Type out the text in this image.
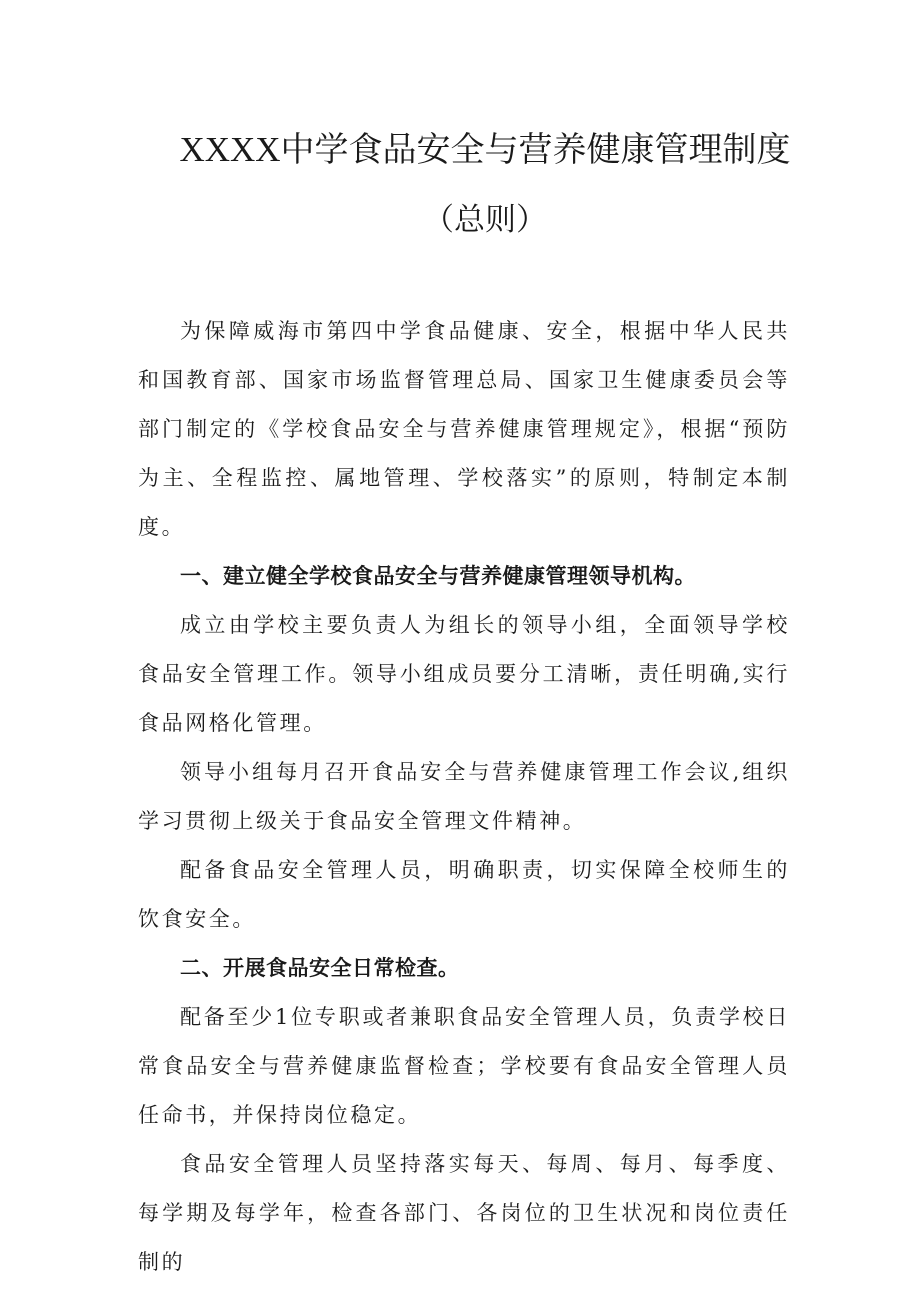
XXXX中学食品安全与营养健康管理制度
（总则）

为保障威海市第四中学食品健康、安全，根据中华人民共和国教育部、国家市场监督管理总局、国家卫生健康委员会等部门制定的《学校食品安全与营养健康管理规定》，根据“预防为主、全程监控、属地管理、学校落实”的原则，特制定本制度。

一、建立健全学校食品安全与营养健康管理领导机构。

成立由学校主要负责人为组长的领导小组，全面领导学校食品安全管理工作。领导小组成员要分工清晰，责任明确,实行食品网格化管理。

领导小组每月召开食品安全与营养健康管理工作会议,组织学习贯彻上级关于食品安全管理文件精神。

配备食品安全管理人员，明确职责，切实保障全校师生的饮食安全。

二、开展食品安全日常检查。

配备至少1位专职或者兼职食品安全管理人员，负责学校日常食品安全与营养健康监督检查；学校要有食品安全管理人员任命书，并保持岗位稳定。

食品安全管理人员坚持落实每天、每周、每月、每季度、每学期及每学年，检查各部门、各岗位的卫生状况和岗位责任制的
